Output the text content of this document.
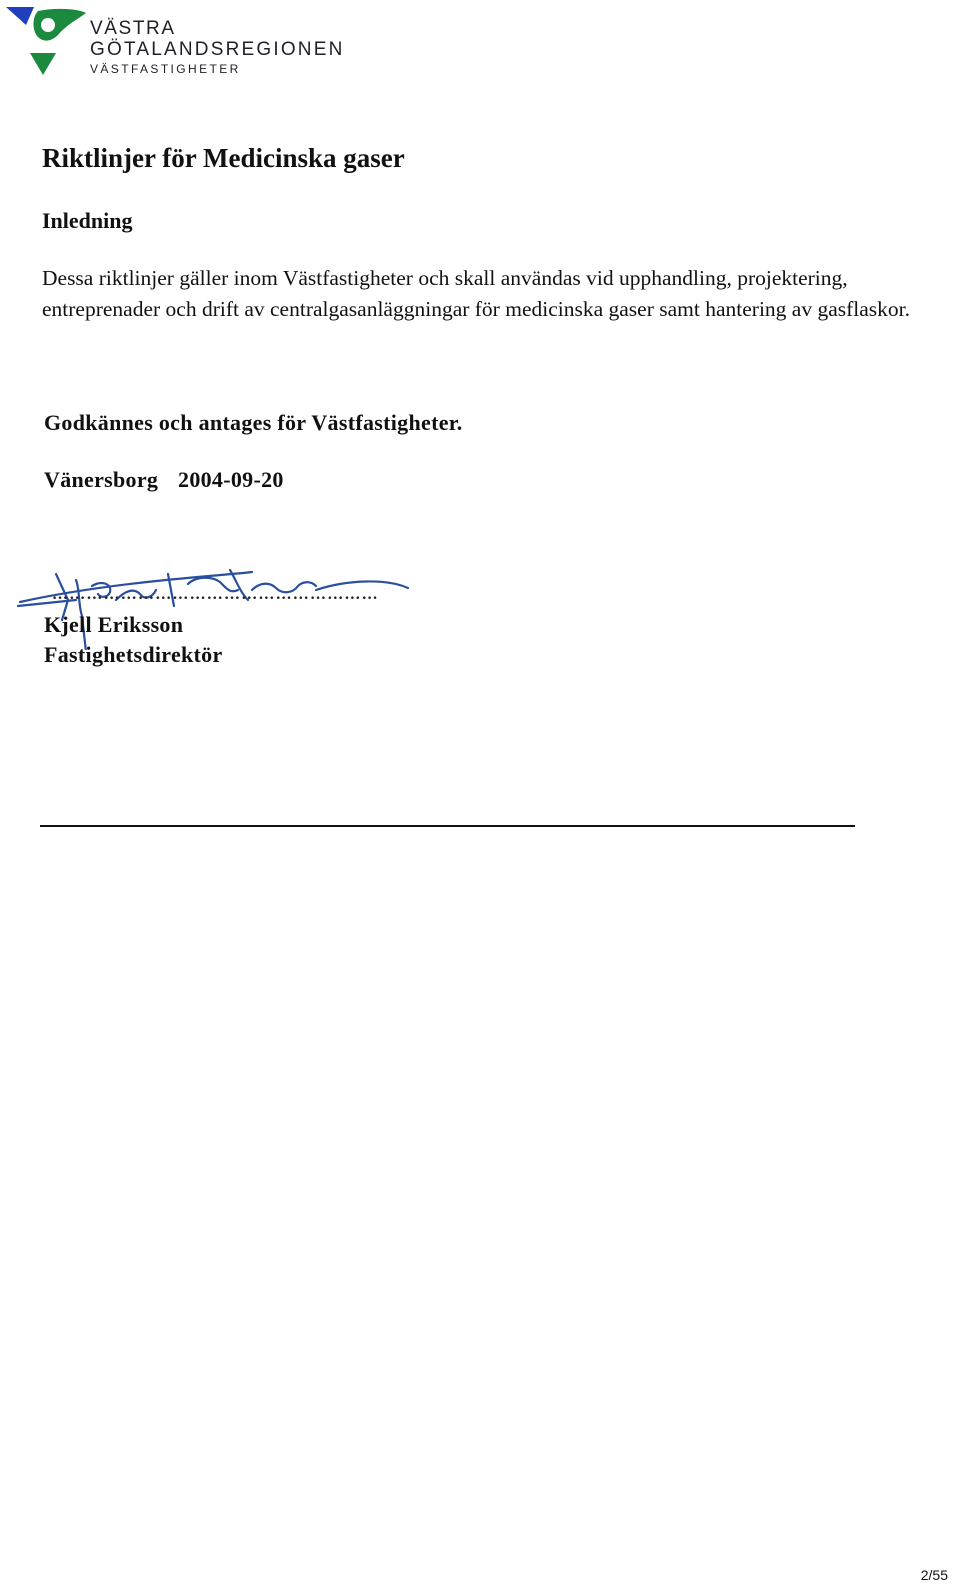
VÄSTRA
GÖTALANDSREGIONEN
VÄSTFASTIGHETER
Riktlinjer för Medicinska gaser
Inledning

Dessa riktlinjer gäller inom Västfastigheter och skall användas vid upphandling, projektering, entreprenader och drift av centralgasanläggningar för medicinska gaser samt hantering av gasflaskor.

Godkännes och antages för Västfastigheter.

Vänersborg 2004-09-20

…………………………………………………
Kjell Eriksson
Fastighetsdirektör
2/55
